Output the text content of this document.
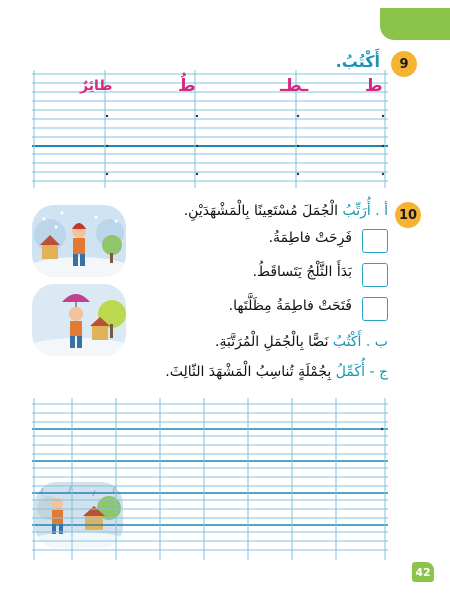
9
أَكْتُبُ.
ط
ـطـ
طُ
طائِرٌ
10
أ . أُرَتِّبُ الْجُمَلَ مُسْتَعِينًا بِالْمَشْهَدَيْنِ.
فَرِحَتْ فاطِمَةُ.
بَدَأَ الثَّلْجُ يَتَساقَطُ.
فَتَحَتْ فاطِمَةُ مِظَلَّتَها.
ب . أَكْتُبُ نَصًّا بِالْجُمَلِ الْمُرَتَّبَةِ.
ج - أُكَمِّلُ بِجُمْلَةٍ تُناسِبُ الْمَشْهَدَ الثّالِثَ.
42
